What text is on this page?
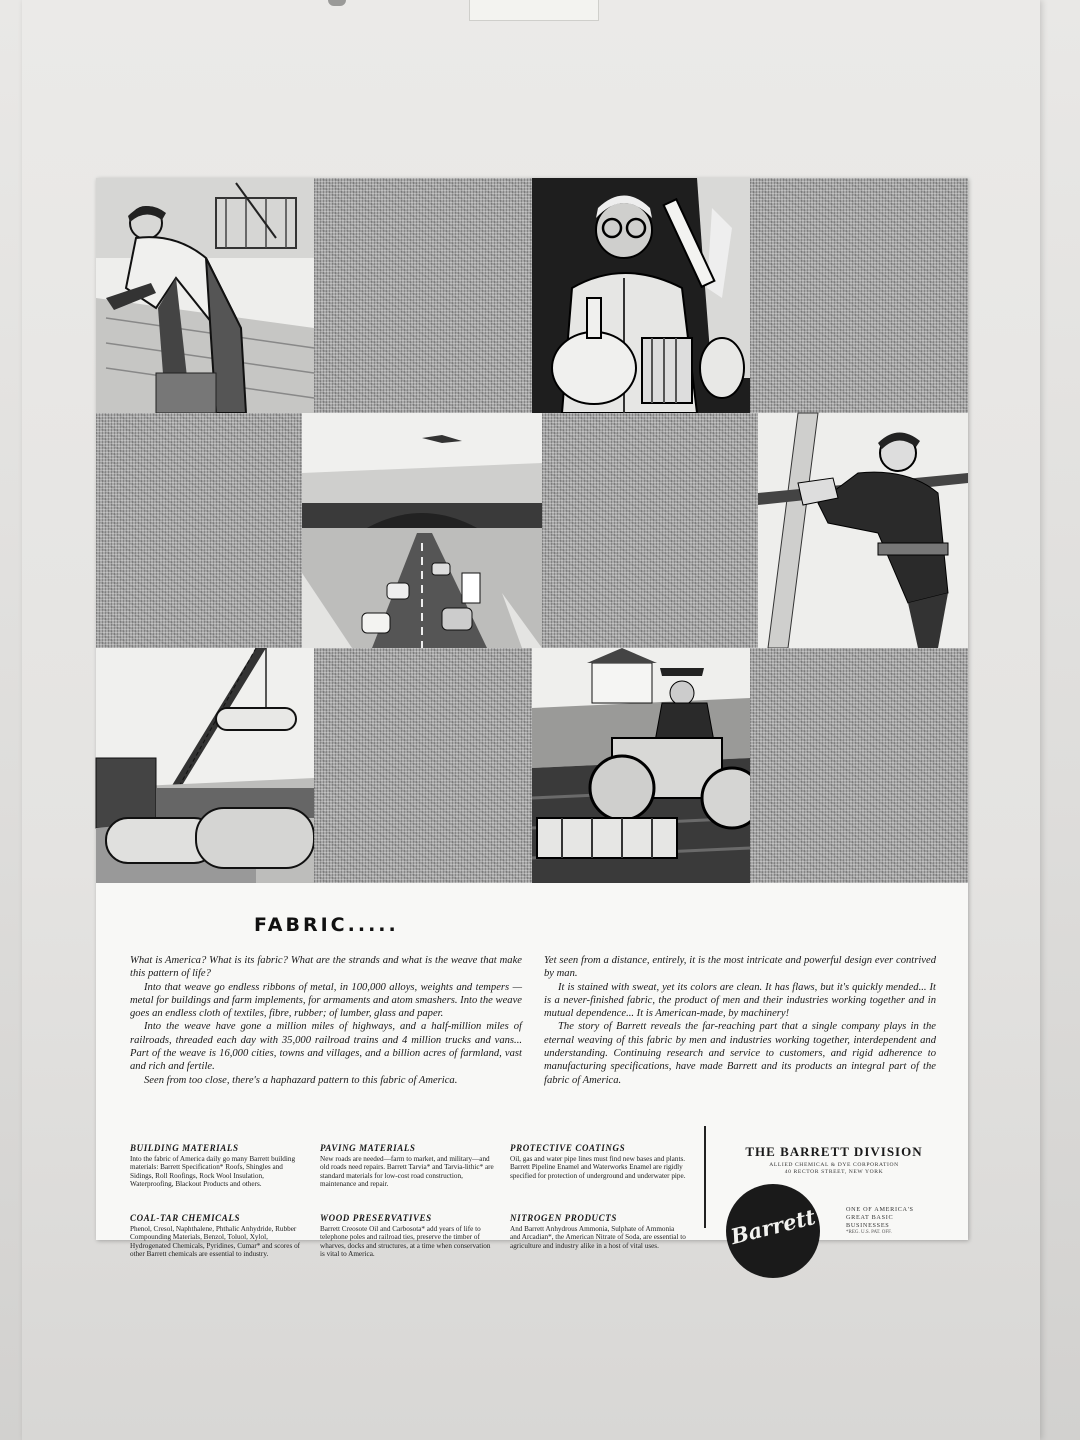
FABRIC.....

What is America? What is its fabric? What are the strands and what is the weave that make this pattern of life?

Into that weave go endless ribbons of metal, in 100,000 alloys, weights and tempers — metal for buildings and farm implements, for armaments and atom smashers. Into the weave goes an endless cloth of textiles, fibre, rubber; of lumber, glass and paper.

Into the weave have gone a million miles of highways, and a half-million miles of railroads, threaded each day with 35,000 railroad trains and 4 million trucks and vans... Part of the weave is 16,000 cities, towns and villages, and a billion acres of farmland, vast and rich and fertile.

Seen from too close, there's a haphazard pattern to this fabric of America.

Yet seen from a distance, entirely, it is the most intricate and powerful design ever contrived by man.

It is stained with sweat, yet its colors are clean. It has flaws, but it's quickly mended... It is a never-finished fabric, the product of men and their industries working together and in mutual dependence... It is American-made, by machinery!

The story of Barrett reveals the far-reaching part that a single company plays in the eternal weaving of this fabric by men and industries working together, interdependent and understanding. Continuing research and service to customers, and rigid adherence to manufacturing specifications, have made Barrett and its products an integral part of the fabric of America.

BUILDING MATERIALS
Into the fabric of America daily go many Barrett building materials: Barrett Specification* Roofs, Shingles and Sidings, Roll Roofings, Rock Wool Insulation, Waterproofing, Blackout Products and others.
PAVING MATERIALS
New roads are needed—farm to market, and military—and old roads need repairs. Barrett Tarvia* and Tarvia-lithic* are standard materials for low-cost road construction, maintenance and repair.
PROTECTIVE COATINGS
Oil, gas and water pipe lines must find new bases and plants. Barrett Pipeline Enamel and Waterworks Enamel are rigidly specified for protection of underground and underwater pipe.
COAL-TAR CHEMICALS
Phenol, Cresol, Naphthalene, Phthalic Anhydride, Rubber Compounding Materials, Benzol, Toluol, Xylol, Hydrogenated Chemicals, Pyridines, Cumar* and scores of other Barrett chemicals are essential to industry.
WOOD PRESERVATIVES
Barrett Creosote Oil and Carbosota* add years of life to telephone poles and railroad ties, preserve the timber of wharves, docks and structures, at a time when conservation is vital to America.
NITROGEN PRODUCTS
And Barrett Anhydrous Ammonia, Sulphate of Ammonia and Arcadian*, the American Nitrate of Soda, are essential to agriculture and industry alike in a host of vital uses.
THE BARRETT DIVISION
ALLIED CHEMICAL & DYE CORPORATION
40 RECTOR STREET, NEW YORK
Barrett	ONE OF AMERICA'S GREAT BASIC BUSINESSES
*REG. U.S. PAT. OFF.
